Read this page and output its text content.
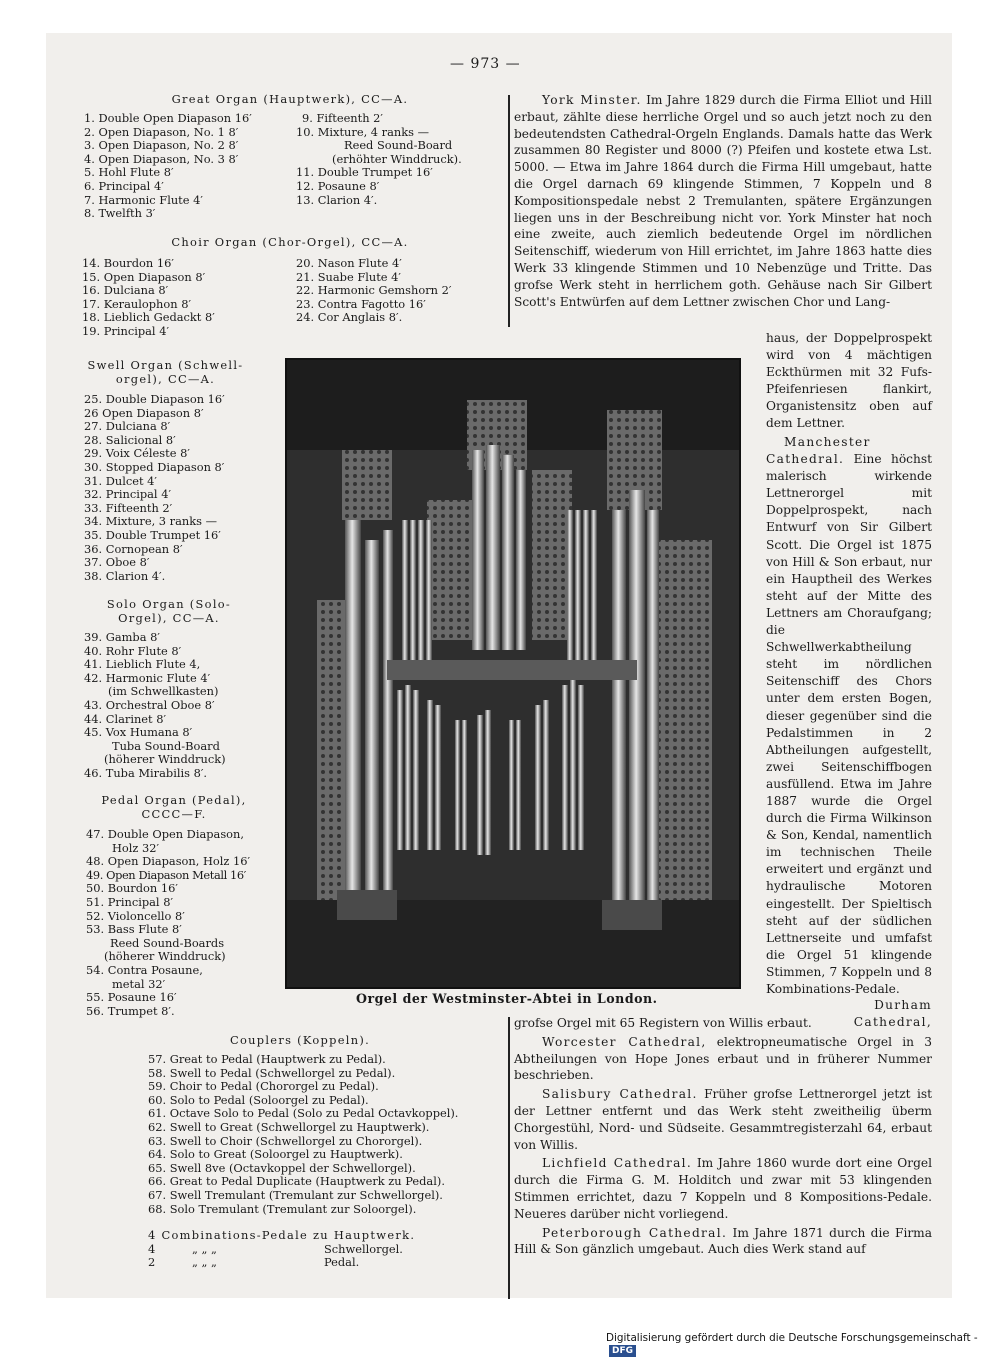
— 973 —
Great Organ (Hauptwerk), CC—A.
1. Double Open Diapason 16′
2. Open Diapason, No. 1 8′
3. Open Diapason, No. 2 8′
4. Open Diapason, No. 3 8′
5. Hohl Flute 8′
6. Principal 4′
7. Harmonic Flute 4′
8. Twelfth 3′
9. Fifteenth 2′
10. Mixture, 4 ranks —
Reed Sound-Board
(erhöhter Winddruck).
11. Double Trumpet 16′
12. Posaune 8′
13. Clarion 4′.
Choir Organ (Chor-Orgel), CC—A.
14. Bourdon 16′
15. Open Diapason 8′
16. Dulciana 8′
17. Keraulophon 8′
18. Lieblich Gedackt 8′
19. Principal 4′
20. Nason Flute 4′
21. Suabe Flute 4′
22. Harmonic Gemshorn 2′
23. Contra Fagotto 16′
24. Cor Anglais 8′.
Swell Organ (Schwell-
orgel), CC—A.
25. Double Diapason 16′
26 Open Diapason 8′
27. Dulciana 8′
28. Salicional 8′
29. Voix Céleste 8′
30. Stopped Diapason 8′
31. Dulcet 4′
32. Principal 4′
33. Fifteenth 2′
34. Mixture, 3 ranks —
35. Double Trumpet 16′
36. Cornopean 8′
37. Oboe 8′
38. Clarion 4′.
Solo Organ (Solo-
Orgel), CC—A.
39. Gamba 8′
40. Rohr Flute 8′
41. Lieblich Flute 4,
42. Harmonic Flute 4′
(im Schwellkasten)
43. Orchestral Oboe 8′
44. Clarinet 8′
45. Vox Humana 8′
Tuba Sound-Board
(höherer Winddruck)
46. Tuba Mirabilis 8′.
Pedal Organ (Pedal),
CCCC—F.
47. Double Open Diapason,
Holz 32′
48. Open Diapason, Holz 16′
49. Open Diapason Metall 16′
50. Bourdon 16′
51. Principal 8′
52. Violoncello 8′
53. Bass Flute 8′
Reed Sound-Boards
(höherer Winddruck)
54. Contra Posaune,
metal 32′
55. Posaune 16′
56. Trumpet 8′.
Orgel der Westminster-Abtei in London.

York Minster. Im Jahre 1829 durch die Firma Elliot und Hill erbaut, zählte diese herrliche Orgel und so auch jetzt noch zu den bedeutendsten Cathedral-Orgeln Englands. Damals hatte das Werk zusammen 80 Register und 8000 (?) Pfeifen und kostete etwa Lst. 5000. — Etwa im Jahre 1864 durch die Firma Hill umgebaut, hatte die Orgel darnach 69 klingende Stimmen, 7 Koppeln und 8 Kompositionspedale nebst 2 Tremulanten, spätere Ergänzungen liegen uns in der Beschreibung nicht vor. York Minster hat noch eine zweite, auch ziemlich bedeutende Orgel im nördlichen Seitenschiff, wiederum von Hill errichtet, im Jahre 1863 hatte dies Werk 33 klingende Stimmen und 10 Nebenzüge und Tritte. Das grofse Werk steht in herrlichem goth. Gehäuse nach Sir Gilbert Scott's Entwürfen auf dem Lettner zwischen Chor und Lang-

haus, der Doppelprospekt wird von 4 mächtigen Eckthürmen mit 32 Fufs-Pfeifenriesen flankirt, Organistensitz oben auf dem Lettner.

Manchester Cathedral. Eine höchst malerisch wirkende Lettnerorgel mit Doppelprospekt, nach Entwurf von Sir Gilbert Scott. Die Orgel ist 1875 von Hill & Son erbaut, nur ein Hauptheil des Werkes steht auf der Mitte des Lettners am Choraufgang; die Schwellwerkabtheilung steht im nördlichen Seitenschiff des Chors unter dem ersten Bogen, dieser gegenüber sind die Pedalstimmen in 2 Abtheilungen aufgestellt, zwei Seitenschiffbogen ausfüllend. Etwa im Jahre 1887 wurde die Orgel durch die Firma Wilkinson & Son, Kendal, namentlich im technischen Theile erweitert und ergänzt und hydraulische Motoren eingestellt. Der Spieltisch steht auf der südlichen Lettnerseite und umfafst die Orgel 51 klingende Stimmen, 7 Koppeln und 8 Kombinations-Pedale.

Durham Cathedral,

grofse Orgel mit 65 Registern von Willis erbaut.

Worcester Cathedral, elektropneumatische Orgel in 3 Abtheilungen von Hope Jones erbaut und in früherer Nummer beschrieben.

Salisbury Cathedral. Früher grofse Lettnerorgel jetzt ist der Lettner entfernt und das Werk steht zweitheilig überm Chorgestühl, Nord- und Südseite. Gesammtregisterzahl 64, erbaut von Willis.

Lichfield Cathedral. Im Jahre 1860 wurde dort eine Orgel durch die Firma G. M. Holditch und zwar mit 53 klingenden Stimmen errichtet, dazu 7 Koppeln und 8 Kompositions-Pedale. Neueres darüber nicht vorliegend.

Peterborough Cathedral. Im Jahre 1871 durch die Firma Hill & Son gänzlich umgebaut. Auch dies Werk stand auf

Couplers (Koppeln).
57. Great to Pedal (Hauptwerk zu Pedal).
58. Swell to Pedal (Schwellorgel zu Pedal).
59. Choir to Pedal (Chororgel zu Pedal).
60. Solo to Pedal (Soloorgel zu Pedal).
61. Octave Solo to Pedal (Solo zu Pedal Octavkoppel).
62. Swell to Great (Schwellorgel zu Hauptwerk).
63. Swell to Choir (Schwellorgel zu Chororgel).
64. Solo to Great (Soloorgel zu Hauptwerk).
65. Swell 8ve (Octavkoppel der Schwellorgel).
66. Great to Pedal Duplicate (Hauptwerk zu Pedal).
67. Swell Tremulant (Tremulant zur Schwellorgel).
68. Solo Tremulant (Tremulant zur Soloorgel).
4 Combinations-Pedale zu Hauptwerk.
4	„ „ „	Schwellorgel.
2	„ „ „	Pedal.
Digitalisierung gefördert durch die Deutsche Forschungsgemeinschaft -DFG
